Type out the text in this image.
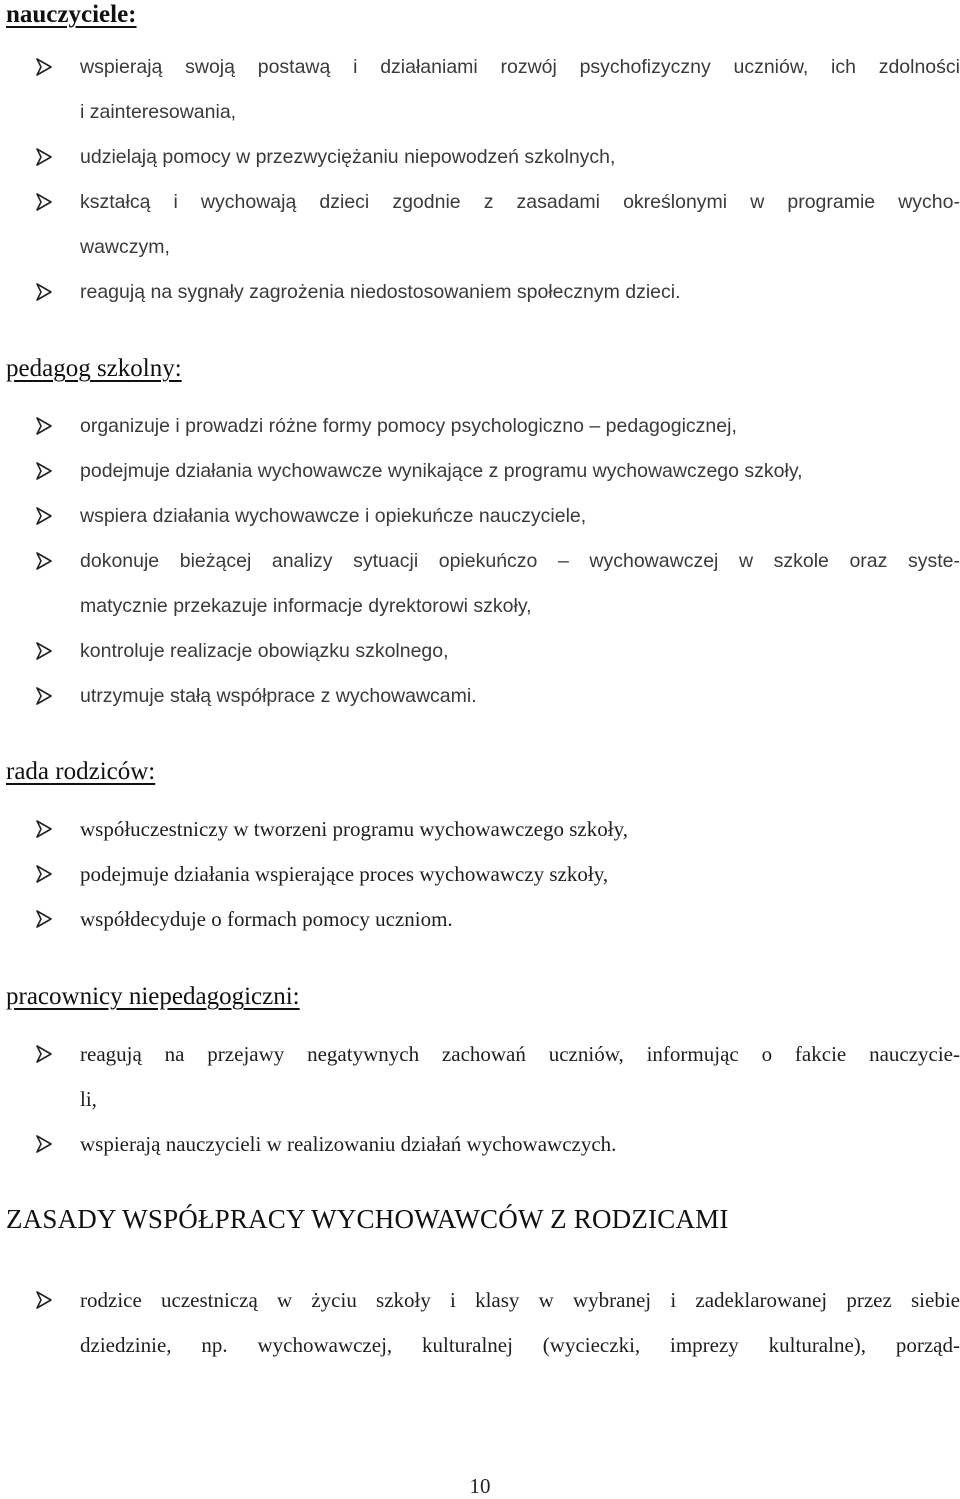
nauczyciele:
wspierają swoją postawą i działaniami rozwój psychofizyczny uczniów, ich zdolności
i zainteresowania,
udzielają pomocy w przezwyciężaniu niepowodzeń szkolnych,
kształcą i wychowają dzieci zgodnie z zasadami określonymi w programie wycho-
wawczym,
reagują na sygnały zagrożenia niedostosowaniem społecznym dzieci.
pedagog szkolny:
organizuje i prowadzi różne formy pomocy psychologiczno – pedagogicznej,
podejmuje działania wychowawcze wynikające z programu wychowawczego szkoły,
wspiera działania wychowawcze i opiekuńcze nauczyciele,
dokonuje bieżącej analizy sytuacji opiekuńczo – wychowawczej w szkole oraz syste-
matycznie przekazuje informacje dyrektorowi szkoły,
kontroluje realizacje obowiązku szkolnego,
utrzymuje stałą współprace z wychowawcami.
rada rodziców:
współuczestniczy w tworzeni programu wychowawczego szkoły,
podejmuje działania wspierające proces wychowawczy szkoły,
współdecyduje o formach pomocy uczniom.
pracownicy niepedagogiczni:
reagują na przejawy negatywnych zachowań uczniów, informując o fakcie nauczycie-
li,
wspierają nauczycieli w realizowaniu działań wychowawczych.
ZASADY WSPÓŁPRACY WYCHOWAWCÓW Z RODZICAMI
rodzice uczestniczą w życiu szkoły i klasy w wybranej i zadeklarowanej przez siebie
dziedzinie, np. wychowawczej, kulturalnej (wycieczki, imprezy kulturalne), porząd-
10
